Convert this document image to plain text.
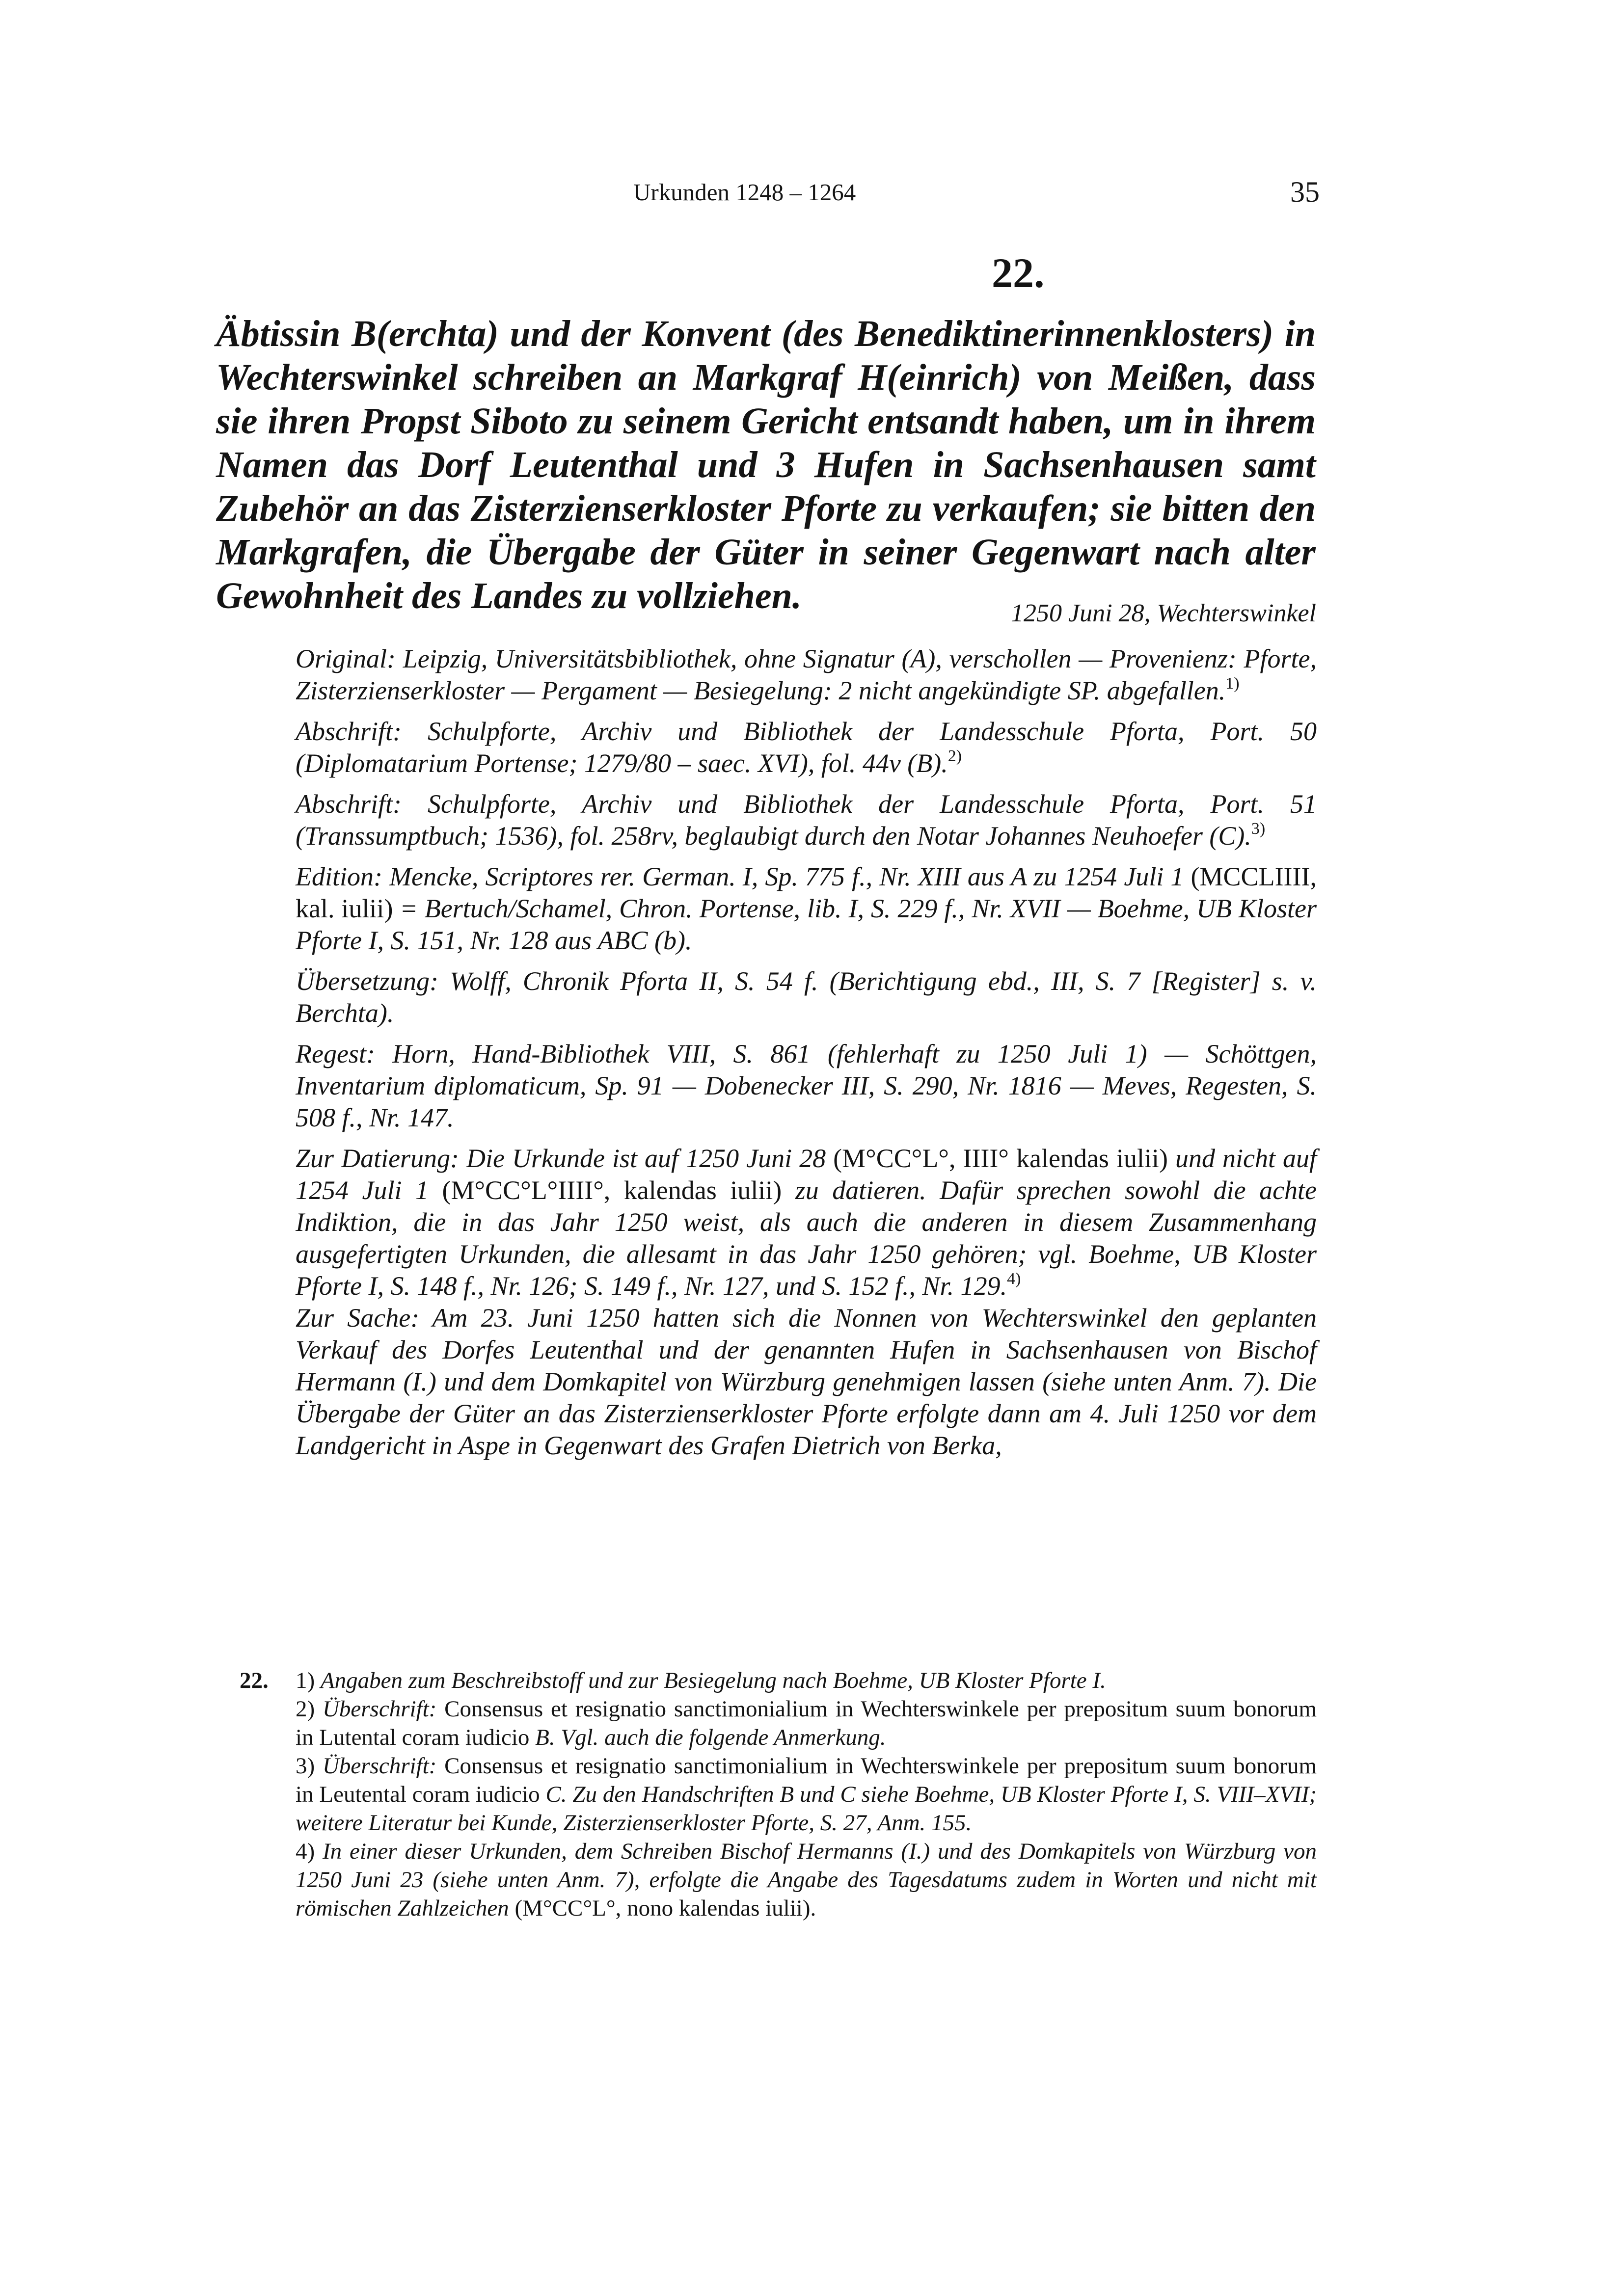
Urkunden 1248 – 1264	35
22.
Äbtissin B(erchta) und der Konvent (des Benediktinerinnenklosters) in Wechterswinkel schreiben an Markgraf H(einrich) von Meißen, dass sie ihren Propst Siboto zu seinem Gericht entsandt haben, um in ihrem Namen das Dorf Leutenthal und 3 Hufen in Sachsenhausen samt Zubehör an das Zisterzienserkloster Pforte zu verkaufen; sie bitten den Markgrafen, die Übergabe der Güter in seiner Gegenwart nach alter Gewohnheit des Landes zu vollziehen.	1250 Juni 28, Wechterswinkel

Original: Leipzig, Universitätsbibliothek, ohne Signatur (A), verschollen — Provenienz: Pforte, Zisterzienserkloster — Pergament — Besiegelung: 2 nicht angekündigte SP. abgefallen.$^{1)}$

Abschrift: Schulpforte, Archiv und Bibliothek der Landesschule Pforta, Port. 50 (Diplomatarium Portense; 1279/80 – saec. XVI), fol. 44v (B).$^{2)}$

Abschrift: Schulpforte, Archiv und Bibliothek der Landesschule Pforta, Port. 51 (Transsumptbuch; 1536), fol. 258rv, beglaubigt durch den Notar Johannes Neuhoefer (C).$^{3)}$

Edition: Mencke, Scriptores rer. German. I, Sp. 775 f., Nr. XIII aus A zu 1254 Juli 1 (MCCLIIII, kal. iulii) = Bertuch/Schamel, Chron. Portense, lib. I, S. 229 f., Nr. XVII — Boehme, UB Kloster Pforte I, S. 151, Nr. 128 aus ABC (b).

Übersetzung: Wolff, Chronik Pforta II, S. 54 f. (Berichtigung ebd., III, S. 7 [Register] s. v. Berchta).

Regest: Horn, Hand-Bibliothek VIII, S. 861 (fehlerhaft zu 1250 Juli 1) — Schöttgen, Inventarium diplomaticum, Sp. 91 — Dobenecker III, S. 290, Nr. 1816 — Meves, Regesten, S. 508 f., Nr. 147.

Zur Datierung: Die Urkunde ist auf 1250 Juni 28 (M°CC°L°, IIII° kalendas iulii) und nicht auf 1254 Juli 1 (M°CC°L°IIII°, kalendas iulii) zu datieren. Dafür sprechen sowohl die achte Indiktion, die in das Jahr 1250 weist, als auch die anderen in diesem Zusammenhang ausgefertigten Urkunden, die allesamt in das Jahr 1250 gehören; vgl. Boehme, UB Kloster Pforte I, S. 148 f., Nr. 126; S. 149 f., Nr. 127, und S. 152 f., Nr. 129.$^{4)}$

Zur Sache: Am 23. Juni 1250 hatten sich die Nonnen von Wechterswinkel den geplanten Verkauf des Dorfes Leutenthal und der genannten Hufen in Sachsenhausen von Bischof Hermann (I.) und dem Domkapitel von Würzburg genehmigen lassen (siehe unten Anm. 7). Die Übergabe der Güter an das Zisterzienserkloster Pforte erfolgte dann am 4. Juli 1250 vor dem Landgericht in Aspe in Gegenwart des Grafen Dietrich von Berka,

22. 1) Angaben zum Beschreibstoff und zur Besiegelung nach Boehme, UB Kloster Pforte I.

2) Überschrift: Consensus et resignatio sanctimonialium in Wechterswinkele per prepositum suum bonorum in Lutental coram iudicio B. Vgl. auch die folgende Anmerkung.

3) Überschrift: Consensus et resignatio sanctimonialium in Wechterswinkele per prepositum suum bonorum in Leutental coram iudicio C. Zu den Handschriften B und C siehe Boehme, UB Kloster Pforte I, S. VIII–XVII; weitere Literatur bei Kunde, Zisterzienserkloster Pforte, S. 27, Anm. 155.

4) In einer dieser Urkunden, dem Schreiben Bischof Hermanns (I.) und des Domkapitels von Würzburg von 1250 Juni 23 (siehe unten Anm. 7), erfolgte die Angabe des Tagesdatums zudem in Worten und nicht mit römischen Zahlzeichen (M°CC°L°, nono kalendas iulii).
